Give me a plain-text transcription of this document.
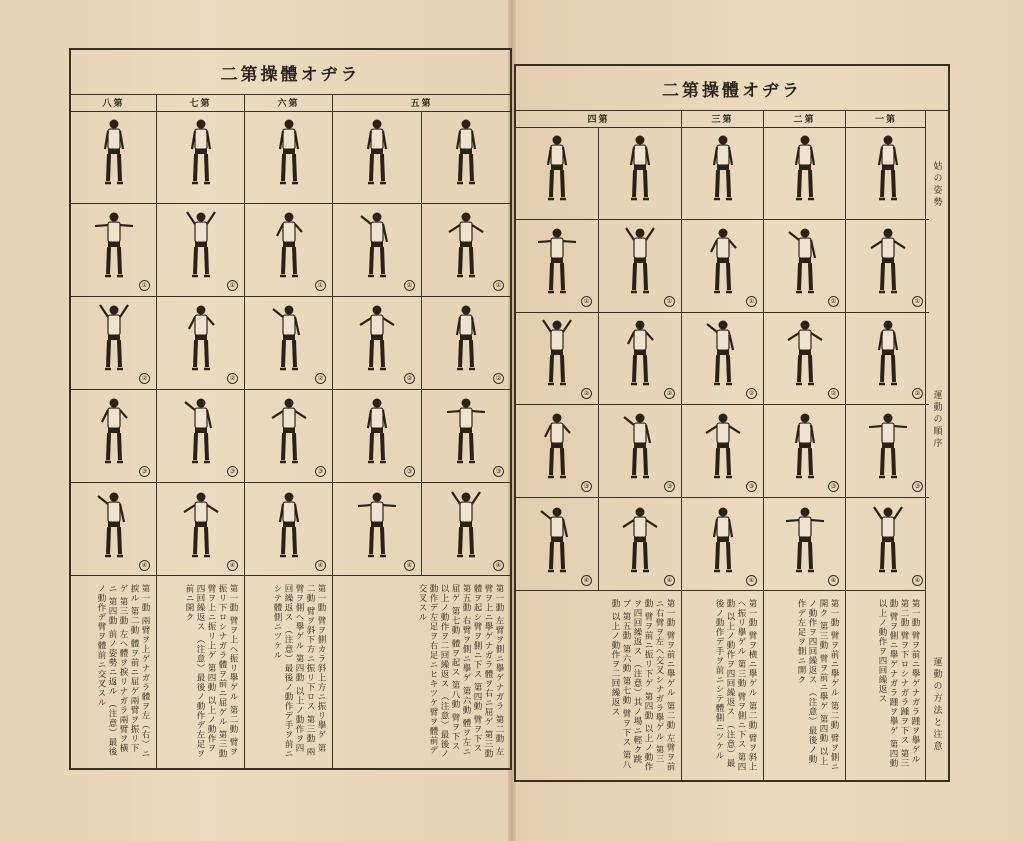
二第操體オヂラ
八第	七第	六第	五第
①	①	①	①	①
②	②	②	②	②
③	③	③	③	③
④	④	④	④	④
第一動 兩臂ヲ上ゲナガラ體ヲ左（右）ニ捩ル 第二動 體ヲ前ニ屈ゲ兩臂ヲ振リ下ゲ 第三動 左ヘ體ヲ捩リナガラ兩臂ヲ横ニ 第四動 前ノ姿勢ニ返ル （注意）最後ノ動作デ臂ヲ體前ニ交叉スル	第一動 臂ヲ上ヘ振リ擧ゲル 第二動 臂ヲ振リ下ロシナガラ體ヲ前ニ屈ゲル 第三動 臂ヲ上ニ振リ上ゲ 第四動 以上ノ動作ヲ四回繰返ス （注意）最後ノ動作デ左足ヲ前ニ開ク	第一動 臂ヲ側カラ斜上方ニ振リ擧ゲ 第二動 臂ヲ斜下方ニ振リ下ロス 第三動 兩臂ヲ側ヘ擧ゲル 第四動 以上ノ動作ヲ四回繰返ス （注意）最後ノ動作デ手ヲ前ニシテ體側ニツケル	第一動 左臂ヲ側ニ擧ゲナガラ 第二動 左臂ヲ上ニ擧ゲナガラ體ヲ右ニ屈ゲ 第三動 體ヲ起シ臂ヲ側ニ下ス 第四動 臂ヲ下ス 第五動 右臂ヲ側ニ擧ゲ 第六動 體ヲ左ニ屈ゲ 第七動 體ヲ起ス 第八動 臂ヲ下ス 以上ノ動作ヲ二回繰返ス （注意）最後ノ動作デ左足ヲ右足ニヒキツケ臂ヲ體前デ交叉スル
二第操體オヂラ
四第	三第	二第	一第
①	①	①	①	①
②	②	②	②	②
③	③	③	③	③
④	④	④	④	④
第一動 臂ヲ前ニ擧ゲル 第二動 左臂ヲ前ニ右臂ヲ左ヘ交叉シナガラ擧ゲル 第三動 臂ヲ前ニ振リ下ゲ 第四動 以上ノ動作ヲ四回繰返ス （注意）其ノ場ニ輕ク跳ブ 第五動 第六動 第七動 臂ヲ下ス 第八動 以上ノ動作ヲ二回繰返ス	第一動 臂ヲ横ニ擧ゲル 第二動 臂ヲ斜上ヘ振リ擧ゲル 第三動 臂ヲ側ニ下ス 第四動 以上ノ動作ヲ四回繰返ス （注意）最後ノ動作デ手ヲ前ニシテ體側ニツケル	第一動 臂ヲ前ニ擧ゲル 第二動 臂ヲ側ニ開ク 第三動 臂ヲ前ニ擧ゲ 第四動 以上ノ動作ヲ四回繰返ス （注意）最後ノ動作デ左足ヲ側ニ開ク	第一動 臂ヲ前ニ擧ゲナガラ踵ヲ擧ゲル 第二動 臂ヲ下ロシナガラ踵ヲ下ス 第三動 臂ヲ側ニ擧ゲナガラ踵ヲ擧ゲ 第四動 以上ノ動作ヲ四回繰返ス
姑の姿勢
運動の順序
運動の方法と注意
